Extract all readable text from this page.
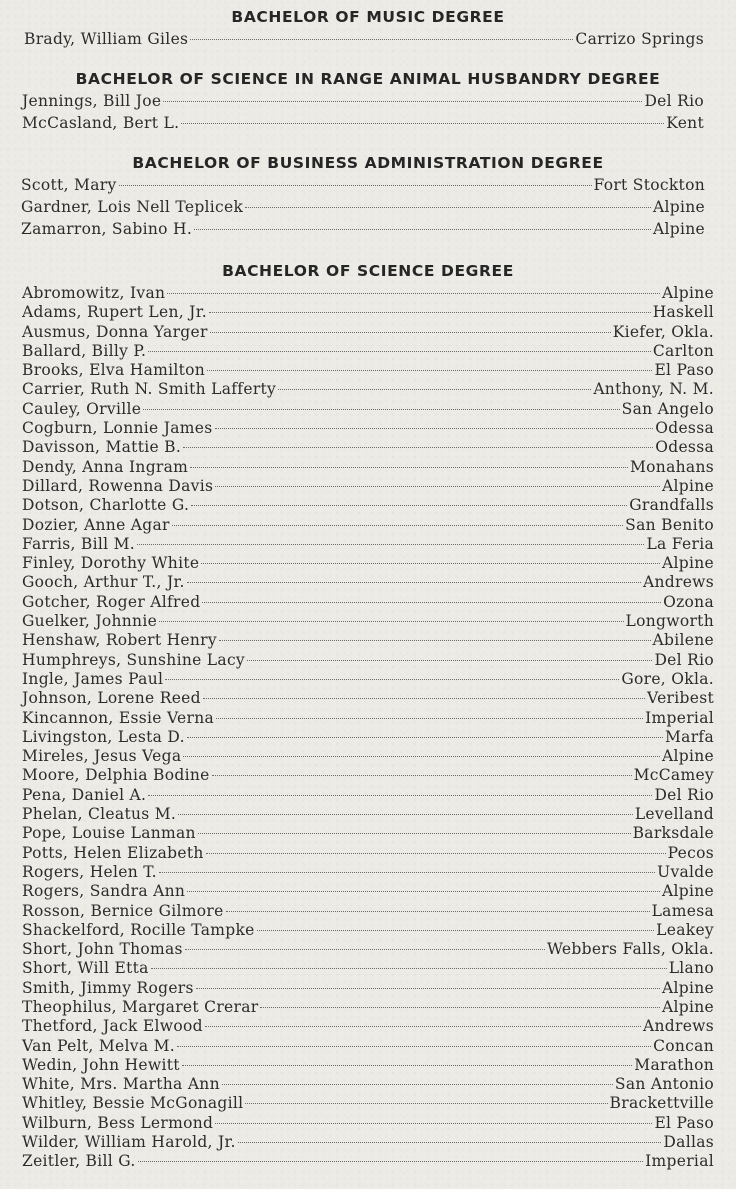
BACHELOR OF MUSIC DEGREE
Brady, William Giles	Carrizo Springs
BACHELOR OF SCIENCE IN RANGE ANIMAL HUSBANDRY DEGREE
Jennings, Bill Joe	Del Rio
McCasland, Bert L.	Kent
BACHELOR OF BUSINESS ADMINISTRATION DEGREE
Scott, Mary	Fort Stockton
Gardner, Lois Nell Teplicek	Alpine
Zamarron, Sabino H.	Alpine
BACHELOR OF SCIENCE DEGREE
Abromowitz, Ivan	Alpine
Adams, Rupert Len, Jr.	Haskell
Ausmus, Donna Yarger	Kiefer, Okla.
Ballard, Billy P.	Carlton
Brooks, Elva Hamilton	El Paso
Carrier, Ruth N. Smith Lafferty	Anthony, N. M.
Cauley, Orville	San Angelo
Cogburn, Lonnie James	Odessa
Davisson, Mattie B.	Odessa
Dendy, Anna Ingram	Monahans
Dillard, Rowenna Davis	Alpine
Dotson, Charlotte G.	Grandfalls
Dozier, Anne Agar	San Benito
Farris, Bill M.	La Feria
Finley, Dorothy White	Alpine
Gooch, Arthur T., Jr.	Andrews
Gotcher, Roger Alfred	Ozona
Guelker, Johnnie	Longworth
Henshaw, Robert Henry	Abilene
Humphreys, Sunshine Lacy	Del Rio
Ingle, James Paul	Gore, Okla.
Johnson, Lorene Reed	Veribest
Kincannon, Essie Verna	Imperial
Livingston, Lesta D.	Marfa
Mireles, Jesus Vega	Alpine
Moore, Delphia Bodine	McCamey
Pena, Daniel A.	Del Rio
Phelan, Cleatus M.	Levelland
Pope, Louise Lanman	Barksdale
Potts, Helen Elizabeth	Pecos
Rogers, Helen T.	Uvalde
Rogers, Sandra Ann	Alpine
Rosson, Bernice Gilmore	Lamesa
Shackelford, Rocille Tampke	Leakey
Short, John Thomas	Webbers Falls, Okla.
Short, Will Etta	Llano
Smith, Jimmy Rogers	Alpine
Theophilus, Margaret Crerar	Alpine
Thetford, Jack Elwood	Andrews
Van Pelt, Melva M.	Concan
Wedin, John Hewitt	Marathon
White, Mrs. Martha Ann	San Antonio
Whitley, Bessie McGonagill	Brackettville
Wilburn, Bess Lermond	El Paso
Wilder, William Harold, Jr.	Dallas
Zeitler, Bill G.	Imperial
